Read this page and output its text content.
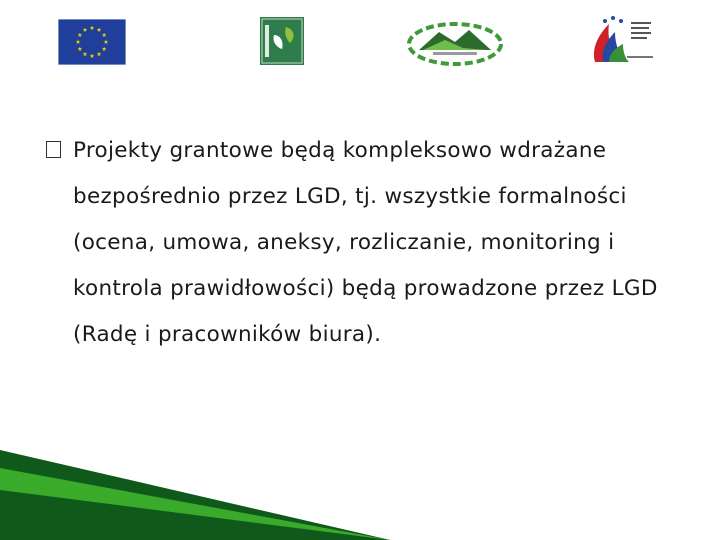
Projekty grantowe będą kompleksowo wdrażane bezpośrednio przez LGD, tj. wszystkie formalności (ocena, umowa, aneksy, rozliczanie, monitoring i kontrola prawidłowości) będą prowadzone przez LGD (Radę i pracowników biura).
